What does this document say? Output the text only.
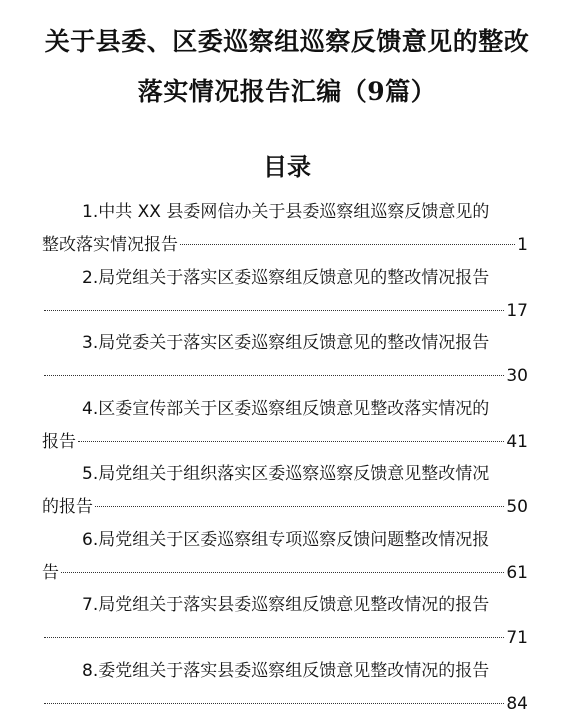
关于县委、区委巡察组巡察反馈意见的整改
落实情况报告汇编（9篇）
目录
1.中共 XX 县委网信办关于县委巡察组巡察反馈意见的
整改落实情况报告	1
2.局党组关于落实区委巡察组反馈意见的整改情况报告
17
3.局党委关于落实区委巡察组反馈意见的整改情况报告
30
4.区委宣传部关于区委巡察组反馈意见整改落实情况的
报告	41
5.局党组关于组织落实区委巡察巡察反馈意见整改情况
的报告	50
6.局党组关于区委巡察组专项巡察反馈问题整改情况报
告	61
7.局党组关于落实县委巡察组反馈意见整改情况的报告
71
8.委党组关于落实县委巡察组反馈意见整改情况的报告
84
